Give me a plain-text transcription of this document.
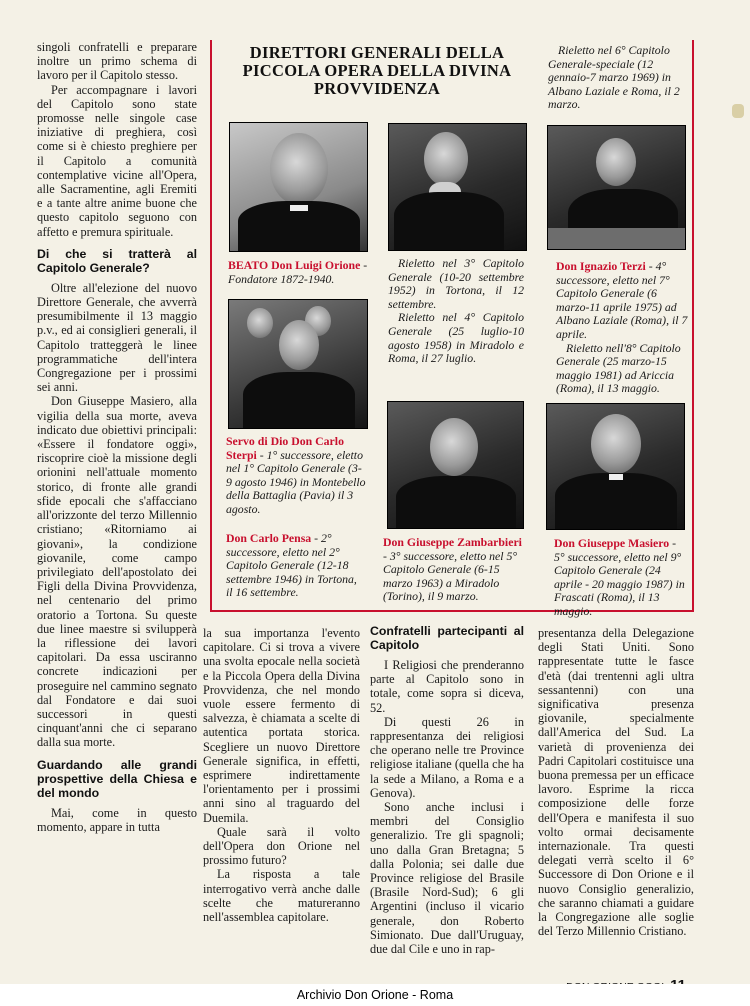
singoli confratelli e preparare inoltre un primo schema di lavoro per il Capitolo stesso.

Per accompagnare i lavori del Capitolo sono state promosse nelle singole case iniziative di preghiera, così come si è chiesto preghiere per il Capitolo a comunità contemplative vicine all'Opera, alle Sacramentine, agli Eremiti e a tante altre anime buone che questo capitolo seguono con affetto e premura spirituale.

Di che si tratterà al Capitolo Generale?

Oltre all'elezione del nuovo Direttore Generale, che avverrà presumibilmente il 13 maggio p.v., ed ai consiglieri generali, il Capitolo tratteggerà le linee programmatiche dell'intera Congregazione per i prossimi sei anni.

Don Giuseppe Masiero, alla vigilia della sua morte, aveva indicato due obiettivi principali: «Essere il fondatore oggi», riscoprire cioè la missione degli orionini nell'attuale momento storico, di fronte alle grandi sfide epocali che s'affacciano all'orizzonte del terzo Millennio cristiano; «Ritorniamo ai giovani», la condizione giovanile, come campo privilegiato dell'apostolato dei Figli della Divina Provvidenza, nel centenario del primo oratorio a Tortona. Su queste due linee maestre si svilupperà la riflessione dei lavori capitolari. Da essa usciranno concrete indicazioni per proseguire nel cammino segnato dal Fondatore e dai suoi successori in questi cinquant'anni che ci separano dalla sua morte.

Guardando alle grandi prospettive della Chiesa e del mondo

Mai, come in questo momento, appare in tutta

DIRETTORI GENERALI DELLA PICCOLA OPERA DELLA DIVINA PROVVIDENZA

BEATO Don Luigi Orione - Fondatore 1872-1940.

Rieletto nel 3° Capitolo Generale (10-20 settembre 1952) in Tortona, il 12 settembre.

Rieletto nel 4° Capitolo Generale (25 luglio-10 agosto 1958) in Miradolo e Roma, il 27 luglio.

Rieletto nel 6° Capitolo Generale-speciale (12 gennaio-7 marzo 1969) in Albano Laziale e Roma, il 2 marzo.

Don Ignazio Terzi - 4° successore, eletto nel 7° Capitolo Generale (6 marzo-11 aprile 1975) ad Albano Laziale (Roma), il 7 aprile.

Rieletto nell'8° Capitolo Generale (25 marzo-15 maggio 1981) ad Ariccia (Roma), il 13 maggio.

Servo di Dio Don Carlo Sterpi - 1° successore, eletto nel 1° Capitolo Generale (3-9 agosto 1946) in Montebello della Battaglia (Pavia) il 3 agosto.

Don Carlo Pensa - 2° successore, eletto nel 2° Capitolo Generale (12-18 settembre 1946) in Tortona, il 16 settembre.

Don Giuseppe Zambarbieri - 3° successore, eletto nel 5° Capitolo Generale (6-15 marzo 1963) a Miradolo (Torino), il 9 marzo.

Don Giuseppe Masiero - 5° successore, eletto nel 9° Capitolo Generale (24 aprile - 20 maggio 1987) in Frascati (Roma), il 13 maggio.

la sua importanza l'evento capitolare. Ci si trova a vivere una svolta epocale nella società e la Piccola Opera della Divina Provvidenza, che nel mondo vuole essere fermento di salvezza, è chiamata a scelte di autentica portata storica. Scegliere un nuovo Direttore Generale significa, in effetti, esprimere indirettamente l'orientamento per i prossimi anni sino al traguardo del Duemila.

Quale sarà il volto dell'Opera don Orione nel prossimo futuro?

La risposta a tale interrogativo verrà anche dalle scelte che matureranno nell'assemblea capitolare.

Confratelli partecipanti al Capitolo

I Religiosi che prenderanno parte al Capitolo sono in totale, come sopra si diceva, 52.

Di questi 26 in rappresentanza dei religiosi che operano nelle tre Province religiose italiane (quella che ha la sede a Milano, a Roma e a Genova).

Sono anche inclusi i membri del Consiglio generalizio. Tre gli spagnoli; uno dalla Gran Bretagna; 5 dalla Polonia; sei dalle due Province religiose del Brasile (Brasile Nord-Sud); 6 gli Argentini (incluso il vicario generale, don Roberto Simionato. Due dall'Uruguay, due dal Cile e uno in rap-

presentanza della Delegazione degli Stati Uniti. Sono rappresentate tutte le fasce d'età (dai trentenni agli ultra sessantenni) con una significativa presenza giovanile, specialmente dall'America del Sud. La varietà di provenienza dei Padri Capitolari costituisce una buona premessa per un efficace lavoro. Esprime la ricca composizione delle forze dell'Opera e manifesta il suo volto ormai decisamente internazionale. Tra questi delegati verrà scelto il 6° Successore di Don Orione e il nuovo Consiglio generalizio, che saranno chiamati a guidare la Congregazione alle soglie del Terzo Millennio Cristiano.

Archivio Don Orione - Roma
